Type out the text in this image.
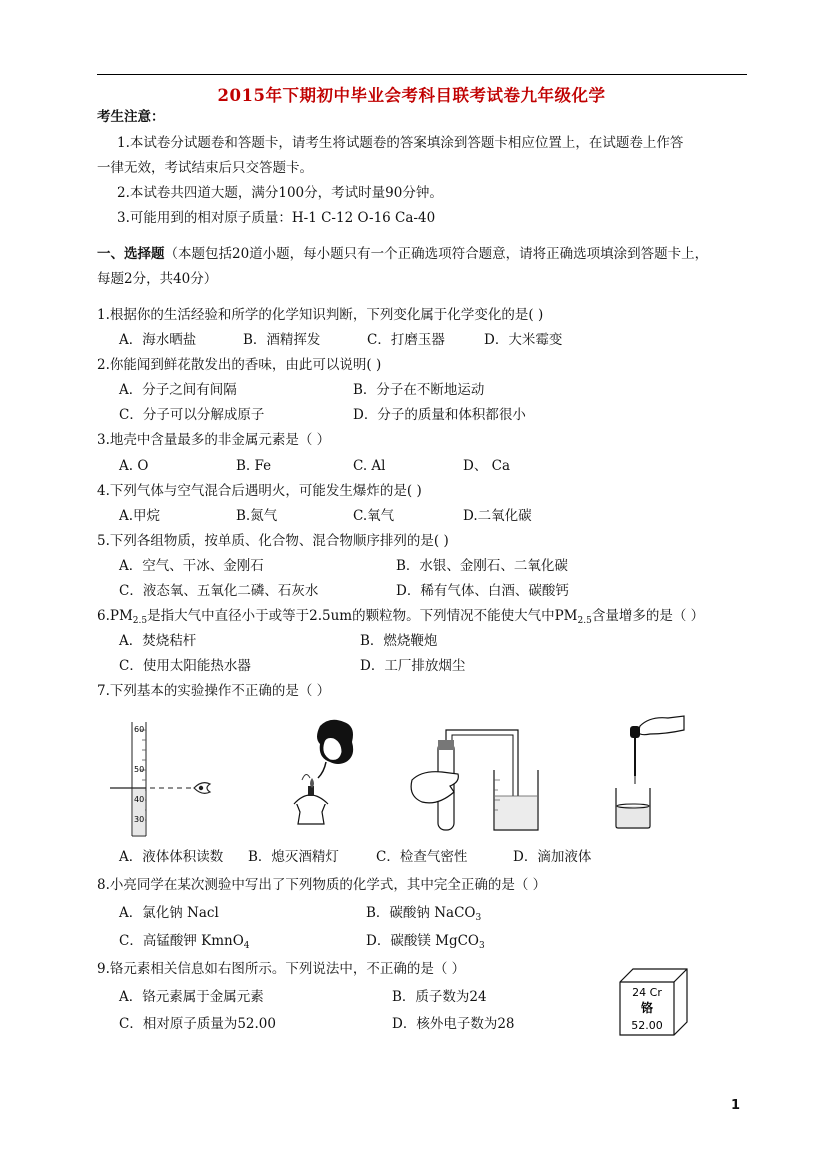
2015年下期初中毕业会考科目联考试卷九年级化学
考生注意：
1.本试卷分试题卷和答题卡，请考生将试题卷的答案填涂到答题卡相应位置上，在试题卷上作答
一律无效，考试结束后只交答题卡。
2.本试卷共四道大题，满分100分，考试时量90分钟。
3.可能用到的相对原子质量：H-1 C-12 O-16 Ca-40
一、选择题（本题包括20道小题，每小题只有一个正确选项符合题意，请将正确选项填涂到答题卡上，
每题2分，共40分）
1.根据你的生活经验和所学的化学知识判断，下列变化属于化学变化的是( )
A．海水晒盐	B．酒精挥发	C．打磨玉器	D．大米霉变
2.你能闻到鲜花散发出的香味，由此可以说明( )
A．分子之间有间隔	B．分子在不断地运动
C．分子可以分解成原子	D．分子的质量和体积都很小
3.地壳中含量最多的非金属元素是（ ）
A. O	B. Fe	C. Al	D、 Ca
4.下列气体与空气混合后遇明火，可能发生爆炸的是( )
A.甲烷	B.氮气	C.氧气	D.二氧化碳
5.下列各组物质，按单质、化合物、混合物顺序排列的是( )
A．空气、干冰、金刚石	B．水银、金刚石、二氧化碳
C．液态氧、五氧化二磷、石灰水	D．稀有气体、白酒、碳酸钙
$6.PM_{2.5}$是指大气中直径小于或等于2.5um的颗粒物。下列情况不能使大气中$PM_{2.5}$含量增多的是（ ）
A．焚烧秸杆	B．燃烧鞭炮
C．使用太阳能热水器	D．工厂排放烟尘
7.下列基本的实验操作不正确的是（ ）
60
50
40
30
A．液体体积读数 B．熄灭酒精灯	C．检查气密性	D．滴加液体
8.小亮同学在某次测验中写出了下列物质的化学式，其中完全正确的是（ ）
A．氯化钠 Nacl	B．碳酸钠 NaCO$_3$
C．高锰酸钾 KmnO$_4$	D．碳酸镁 MgCO$_3$
9.铬元素相关信息如右图所示。下列说法中，不正确的是（ ）
A．铬元素属于金属元素	B．质子数为24
C．相对原子质量为52.00	D．核外电子数为28
24 Cr
铬
52.00
1
